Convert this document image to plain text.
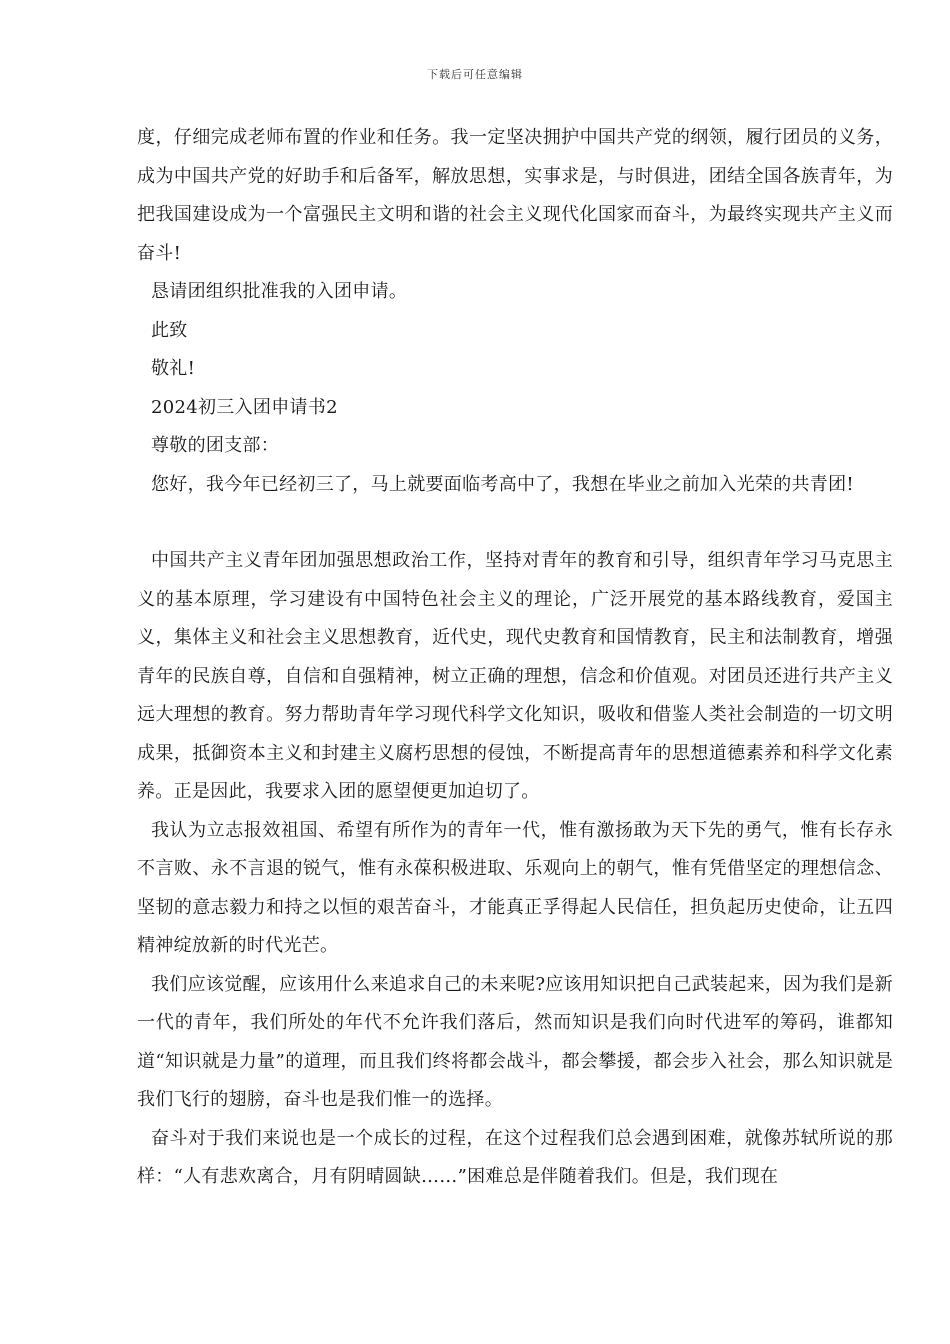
下载后可任意编辑

度，仔细完成老师布置的作业和任务。我一定坚决拥护中国共产党的纲领，履行团员的义务，成为中国共产党的好助手和后备军，解放思想，实事求是，与时俱进，团结全国各族青年，为把我国建设成为一个富强民主文明和谐的社会主义现代化国家而奋斗，为最终实现共产主义而奋斗!

恳请团组织批准我的入团申请。

此致

敬礼!

2024初三入团申请书2

尊敬的团支部：

您好，我今年已经初三了，马上就要面临考高中了，我想在毕业之前加入光荣的共青团!

中国共产主义青年团加强思想政治工作，坚持对青年的教育和引导，组织青年学习马克思主义的基本原理，学习建设有中国特色社会主义的理论，广泛开展党的基本路线教育，爱国主义，集体主义和社会主义思想教育，近代史，现代史教育和国情教育，民主和法制教育，增强青年的民族自尊，自信和自强精神，树立正确的理想，信念和价值观。对团员还进行共产主义远大理想的教育。努力帮助青年学习现代科学文化知识，吸收和借鉴人类社会制造的一切文明成果，抵御资本主义和封建主义腐朽思想的侵蚀，不断提高青年的思想道德素养和科学文化素养。正是因此，我要求入团的愿望便更加迫切了。

我认为立志报效祖国、希望有所作为的青年一代，惟有激扬敢为天下先的勇气，惟有长存永不言败、永不言退的锐气，惟有永葆积极进取、乐观向上的朝气，惟有凭借坚定的理想信念、坚韧的意志毅力和持之以恒的艰苦奋斗，才能真正孚得起人民信任，担负起历史使命，让五四精神绽放新的时代光芒。

我们应该觉醒，应该用什么来追求自己的未来呢?应该用知识把自己武装起来，因为我们是新一代的青年，我们所处的年代不允许我们落后，然而知识是我们向时代进军的筹码，谁都知道“知识就是力量”的道理，而且我们终将都会战斗，都会攀援，都会步入社会，那么知识就是我们飞行的翅膀，奋斗也是我们惟一的选择。

奋斗对于我们来说也是一个成长的过程，在这个过程我们总会遇到困难，就像苏轼所说的那样：“人有悲欢离合，月有阴晴圆缺……”困难总是伴随着我们。但是，我们现在
